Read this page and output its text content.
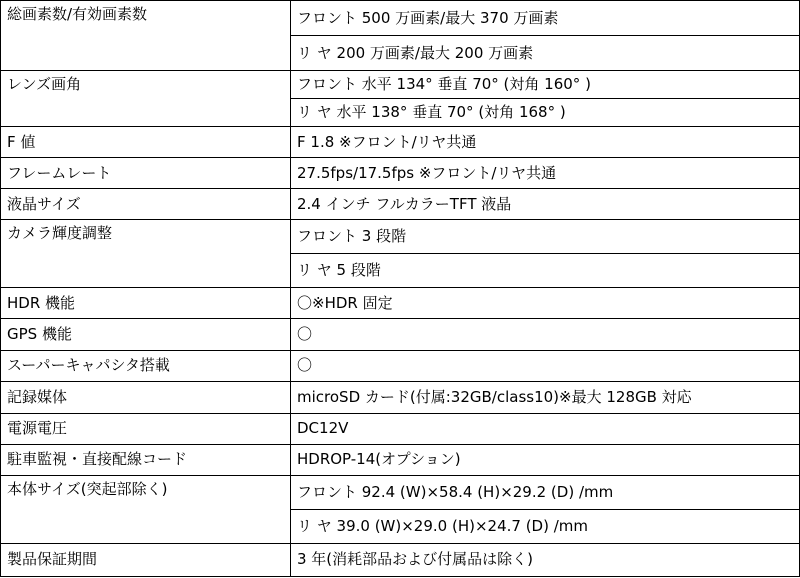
総画素数/有効画素数	フロント 500 万画素/最大 370 万画素
	リ ヤ 200 万画素/最大 200 万画素
レンズ画角	フロント 水平 134° 垂直 70° (対角 160° )
	リ ヤ 水平 138° 垂直 70° (対角 168° )
F 値	F 1.8 ※フロント/リヤ共通
フレームレート	27.5fps/17.5fps ※フロント/リヤ共通
液晶サイズ	2.4 インチ フルカラーTFT 液晶
カメラ輝度調整	フロント 3 段階
	リ ヤ 5 段階
HDR 機能	〇※HDR 固定
GPS 機能	〇
スーパーキャパシタ搭載	〇
記録媒体	microSD カード(付属:32GB/class10)※最大 128GB 対応
電源電圧	DC12V
駐車監視・直接配線コード	HDROP-14(オプション)
本体サイズ(突起部除く)	フロント 92.4 (W)×58.4 (H)×29.2 (D) /mm
	リ ヤ 39.0 (W)×29.0 (H)×24.7 (D) /mm
製品保証期間	3 年(消耗部品および付属品は除く)
